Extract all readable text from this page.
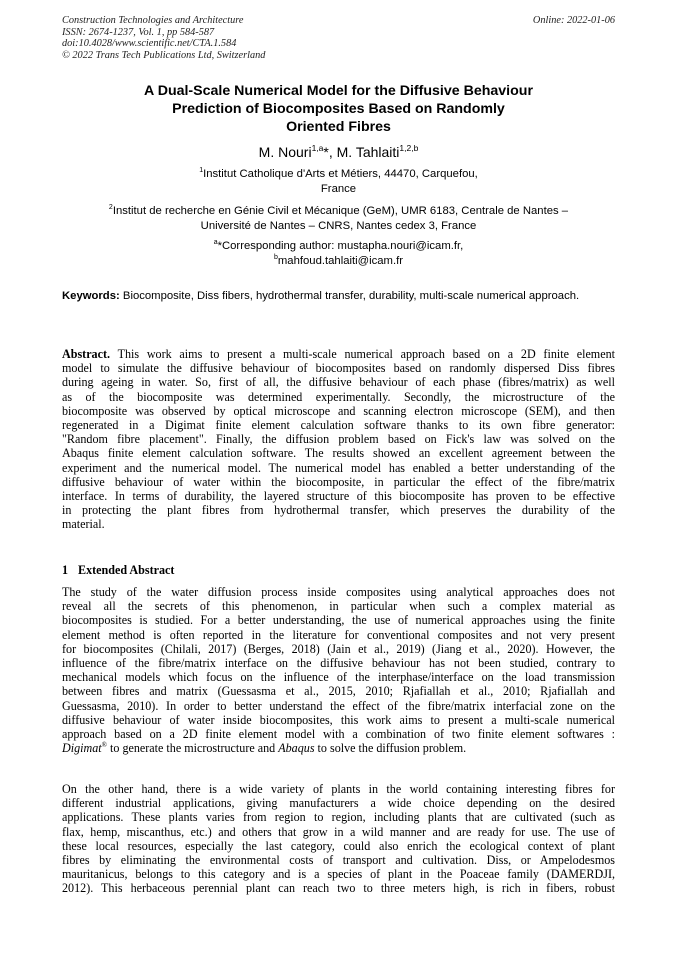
Construction Technologies and Architecture
ISSN: 2674-1237, Vol. 1, pp 584-587
doi:10.4028/www.scientific.net/CTA.1.584
© 2022 Trans Tech Publications Ltd, Switzerland
Online: 2022-01-06
A Dual-Scale Numerical Model for the Diffusive Behaviour
Prediction of Biocomposites Based on Randomly
Oriented Fibres
M. Nouri$^{1,a}$*, M. Tahlaiti$^{1,2,b}$
$^1$Institut Catholique d'Arts et Métiers, 44470, Carquefou,
France
$^2$Institut de recherche en Génie Civil et Mécanique (GeM), UMR 6183, Centrale de Nantes –
Université de Nantes – CNRS, Nantes cedex 3, France
$^a$*Corresponding author: mustapha.nouri@icam.fr,
$^b$mahfoud.tahlaiti@icam.fr
Keywords: Biocomposite, Diss fibers, hydrothermal transfer, durability, multi-scale numerical approach.
Abstract. This work aims to present a multi-scale numerical approach based on a 2D finite element
model to simulate the diffusive behaviour of biocomposites based on randomly dispersed Diss fibres
during ageing in water. So, first of all, the diffusive behaviour of each phase (fibres/matrix) as well
as of the biocomposite was determined experimentally. Secondly, the microstructure of the
biocomposite was observed by optical microscope and scanning electron microscope (SEM), and then
regenerated in a Digimat finite element calculation software thanks to its own fibre generator:
"Random fibre placement". Finally, the diffusion problem based on Fick's law was solved on the
Abaqus finite element calculation software. The results showed an excellent agreement between the
experiment and the numerical model. The numerical model has enabled a better understanding of the
diffusive behaviour of water within the biocomposite, in particular the effect of the fibre/matrix
interface. In terms of durability, the layered structure of this biocomposite has proven to be effective
in protecting the plant fibres from hydrothermal transfer, which preserves the durability of the
material.
1 Extended Abstract
The study of the water diffusion process inside composites using analytical approaches does not
reveal all the secrets of this phenomenon, in particular when such a complex material as
biocomposites is studied. For a better understanding, the use of numerical approaches using the finite
element method is often reported in the literature for conventional composites and not very present
for biocomposites (Chilali, 2017) (Berges, 2018) (Jain et al., 2019) (Jiang et al., 2020). However, the
influence of the fibre/matrix interface on the diffusive behaviour has not been studied, contrary to
mechanical models which focus on the influence of the interphase/interface on the load transmission
between fibres and matrix (Guessasma et al., 2015, 2010; Rjafiallah et al., 2010; Rjafiallah and
Guessasma, 2010). In order to better understand the effect of the fibre/matrix interfacial zone on the
diffusive behaviour of water inside biocomposites, this work aims to present a multi-scale numerical
approach based on a 2D finite element model with a combination of two finite element softwares :
Digimat® to generate the microstructure and Abaqus to solve the diffusion problem.
On the other hand, there is a wide variety of plants in the world containing interesting fibres for
different industrial applications, giving manufacturers a wide choice depending on the desired
applications. These plants varies from region to region, including plants that are cultivated (such as
flax, hemp, miscanthus, etc.) and others that grow in a wild manner and are ready for use. The use of
these local resources, especially the last category, could also enrich the ecological context of plant
fibres by eliminating the environmental costs of transport and cultivation. Diss, or Ampelodesmos
mauritanicus, belongs to this category and is a species of plant in the Poaceae family (DAMERDJI,
2012). This herbaceous perennial plant can reach two to three meters high, is rich in fibers, robust
